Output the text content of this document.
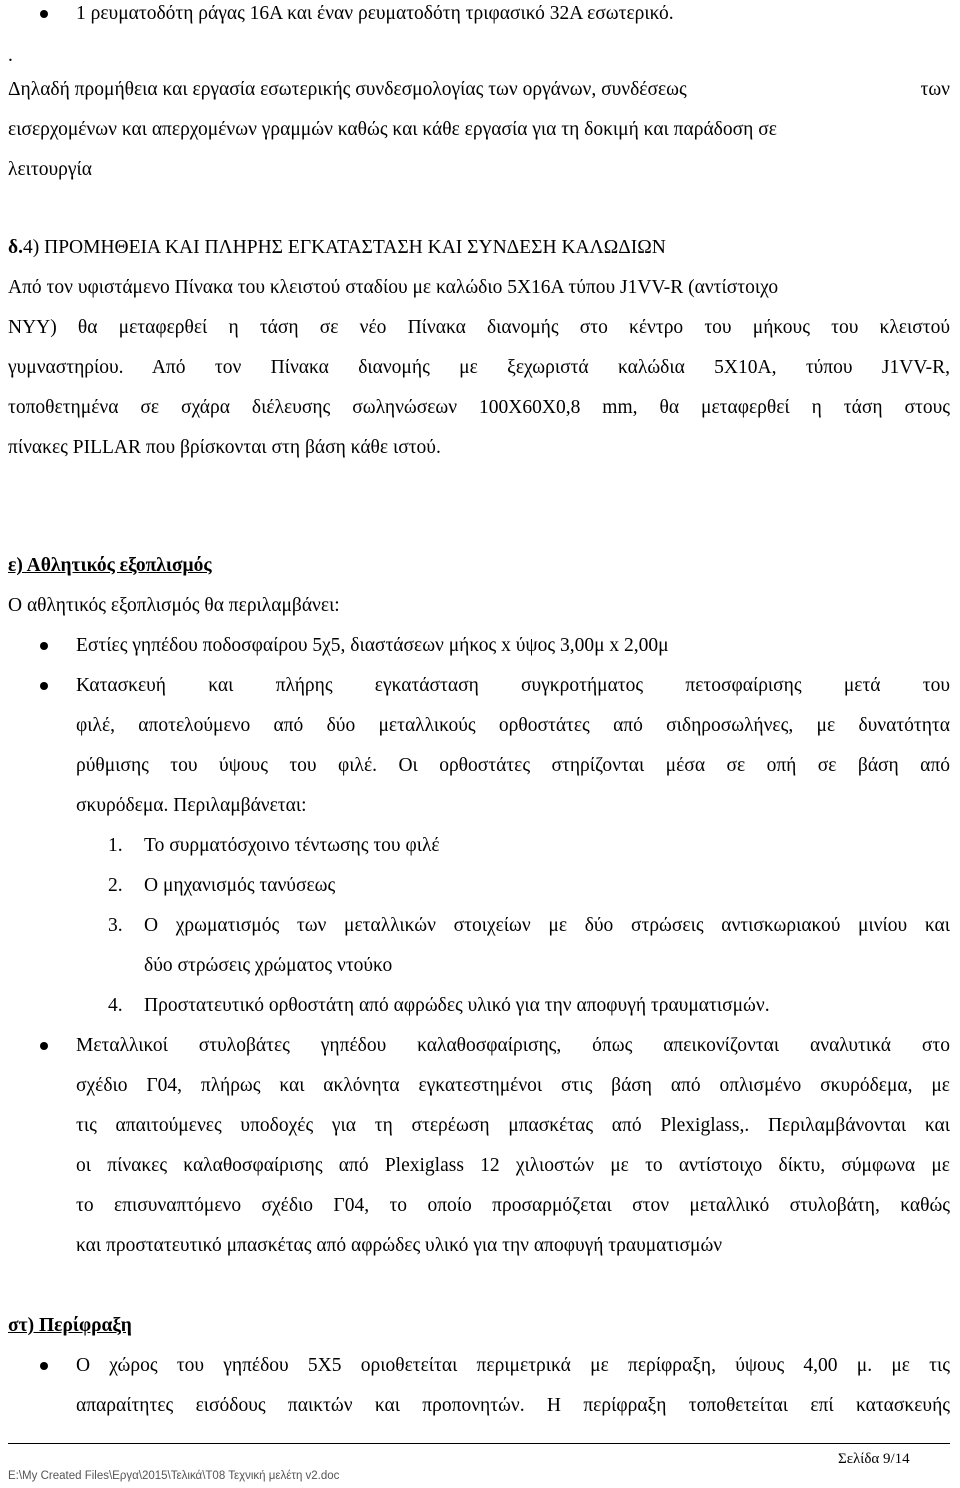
1 ρευματοδότη ράγας 16Α και έναν ρευματοδότη τριφασικό 32Α εσωτερικό.
.
Δηλαδή προμήθεια και εργασία εσωτερικής συνδεσμολογίας των οργάνων, συνδέσεως	των
εισερχομένων και απερχομένων γραμμών καθώς και κάθε εργασία για τη δοκιμή και παράδοση σε
λειτουργία
δ.4) ΠΡΟΜΗΘΕΙΑ ΚΑΙ ΠΛΗΡΗΣ ΕΓΚΑΤΑΣΤΑΣΗ ΚΑΙ ΣΥΝΔΕΣΗ ΚΑΛΩΔΙΩΝ
Από τον υφιστάμενο Πίνακα του κλειστού σταδίου με καλώδιο 5Χ16Α τύπου J1VV-R (αντίστοιχο
NYY) θα μεταφερθεί η τάση σε νέο Πίνακα διανομής στο κέντρο του μήκους του κλειστού
γυμναστηρίου. Από τον Πίνακα διανομής με ξεχωριστά καλώδια 5Χ10Α, τύπου J1VV-R,
τοποθετημένα σε σχάρα διέλευσης σωληνώσεων 100Χ60Χ0,8 mm, θα μεταφερθεί η τάση στους
πίνακες PILLAR που βρίσκονται στη βάση κάθε ιστού.
ε) Αθλητικός εξοπλισμός
Ο αθλητικός εξοπλισμός θα περιλαμβάνει:
Εστίες γηπέδου ποδοσφαίρου 5χ5, διαστάσεων μήκος x ύψος 3,00μ x 2,00μ
Κατασκευή και πλήρης εγκατάσταση συγκροτήματος πετοσφαίρισης μετά του
φιλέ, αποτελούμενο από δύο μεταλλικούς ορθοστάτες από σιδηροσωλήνες, με δυνατότητα
ρύθμισης του ύψους του φιλέ. Οι ορθοστάτες στηρίζονται μέσα σε οπή σε βάση από
σκυρόδεμα. Περιλαμβάνεται:
1. Το συρματόσχοινο τέντωσης του φιλέ
2. Ο μηχανισμός τανύσεως
3. Ο χρωματισμός των μεταλλικών στοιχείων με δύο στρώσεις αντισκωριακού μινίου και
δύο στρώσεις χρώματος ντούκο
4. Προστατευτικό ορθοστάτη από αφρώδες υλικό για την αποφυγή τραυματισμών.
Μεταλλικοί στυλοβάτες γηπέδου καλαθοσφαίρισης, όπως απεικονίζονται αναλυτικά στο
σχέδιο Γ04, πλήρως και ακλόνητα εγκατεστημένοι στις βάση από οπλισμένο σκυρόδεμα, με
τις απαιτούμενες υποδοχές για τη στερέωση μπασκέτας από Plexiglass,. Περιλαμβάνονται και
οι πίνακες καλαθοσφαίρισης από Plexiglass 12 χιλιοστών με το αντίστοιχο δίκτυ, σύμφωνα με
το επισυναπτόμενο σχέδιο Γ04, το οποίο προσαρμόζεται στον μεταλλικό στυλοβάτη, καθώς
και προστατευτικό μπασκέτας από αφρώδες υλικό για την αποφυγή τραυματισμών
στ) Περίφραξη
Ο χώρος του γηπέδου 5Χ5 οριοθετείται περιμετρικά με περίφραξη, ύψους 4,00 μ. με τις
απαραίτητες εισόδους παικτών και προπονητών. Η περίφραξη τοποθετείται επί κατασκευής
Σελίδα 9/14
E:\My Created Files\Εργα\2015\Τελικά\Τ08 Τεχνική μελέτη v2.doc
